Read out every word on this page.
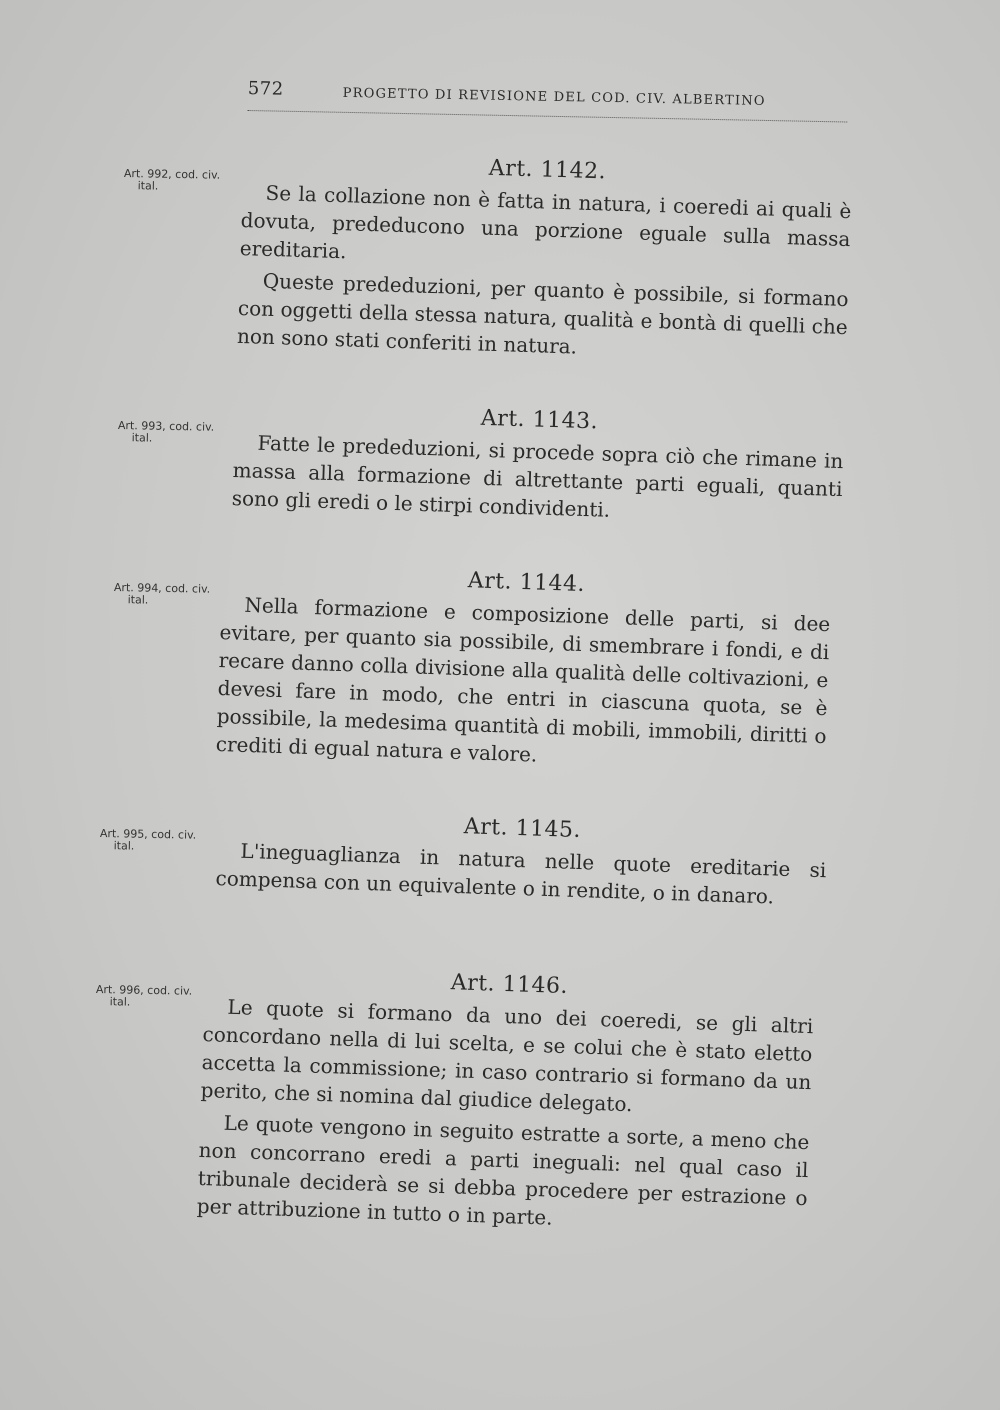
572	PROGETTO DI REVISIONE DEL COD. CIV. ALBERTINO
Art. 992, cod. civ.
ital.
Art. 1142.

Se la collazione non è fatta in natura, i coeredi ai quali è dovuta, prededucono una porzione eguale sulla massa ereditaria.

Queste prededuzioni, per quanto è possibile, si formano con oggetti della stessa natura, qualità e bontà di quelli che non sono stati conferiti in natura.

Art. 993, cod. civ.
ital.
Art. 1143.

Fatte le prededuzioni, si procede sopra ciò che rimane in massa alla formazione di altrettante parti eguali, quanti sono gli eredi o le stirpi condividenti.

Art. 994, cod. civ.
ital.
Art. 1144.

Nella formazione e composizione delle parti, si dee evitare, per quanto sia possibile, di smembrare i fondi, e di recare danno colla divisione alla qualità delle coltivazioni, e devesi fare in modo, che entri in ciascuna quota, se è possibile, la medesima quantità di mobili, immobili, diritti o crediti di egual natura e valore.

Art. 995, cod. civ.
ital.
Art. 1145.

L'ineguaglianza in natura nelle quote ereditarie si compensa con un equivalente o in rendite, o in danaro.

Art. 996, cod. civ.
ital.
Art. 1146.

Le quote si formano da uno dei coeredi, se gli altri concordano nella di lui scelta, e se colui che è stato eletto accetta la commissione; in caso contrario si formano da un perito, che si nomina dal giudice delegato.

Le quote vengono in seguito estratte a sorte, a meno che non concorrano eredi a parti ineguali: nel qual caso il tribunale deciderà se si debba procedere per estrazione o per attribuzione in tutto o in parte.
